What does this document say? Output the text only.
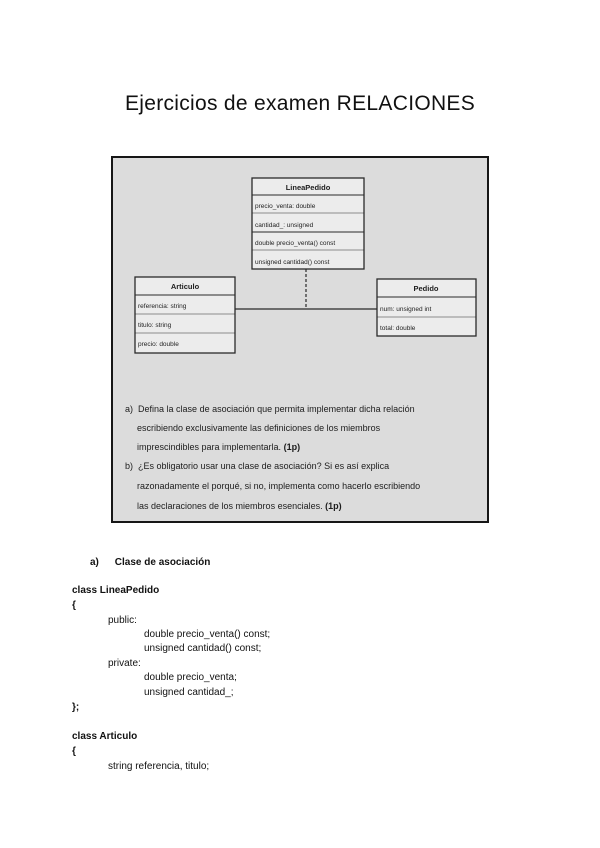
Ejercicios de examen RELACIONES
LineaPedido
precio_venta: double
cantidad_: unsigned
double precio_venta() const
unsigned cantidad() const
Articulo
referencia: string
titulo: string
precio: double
Pedido
num: unsigned int
total: double
a) Defina la clase de asociación que permita implementar dicha relación
escribiendo exclusivamente las definiciones de los miembros
imprescindibles para implementarla. (1p)
b) ¿Es obligatorio usar una clase de asociación? Si es así explica
razonadamente el porqué, si no, implementa como hacerlo escribiendo
las declaraciones de los miembros esenciales. (1p)
a) Clase de asociación
class LineaPedido
{
public:
double precio_venta() const;
unsigned cantidad() const;
private:
double precio_venta;
unsigned cantidad_;
};
class Articulo
{
string referencia, titulo;
